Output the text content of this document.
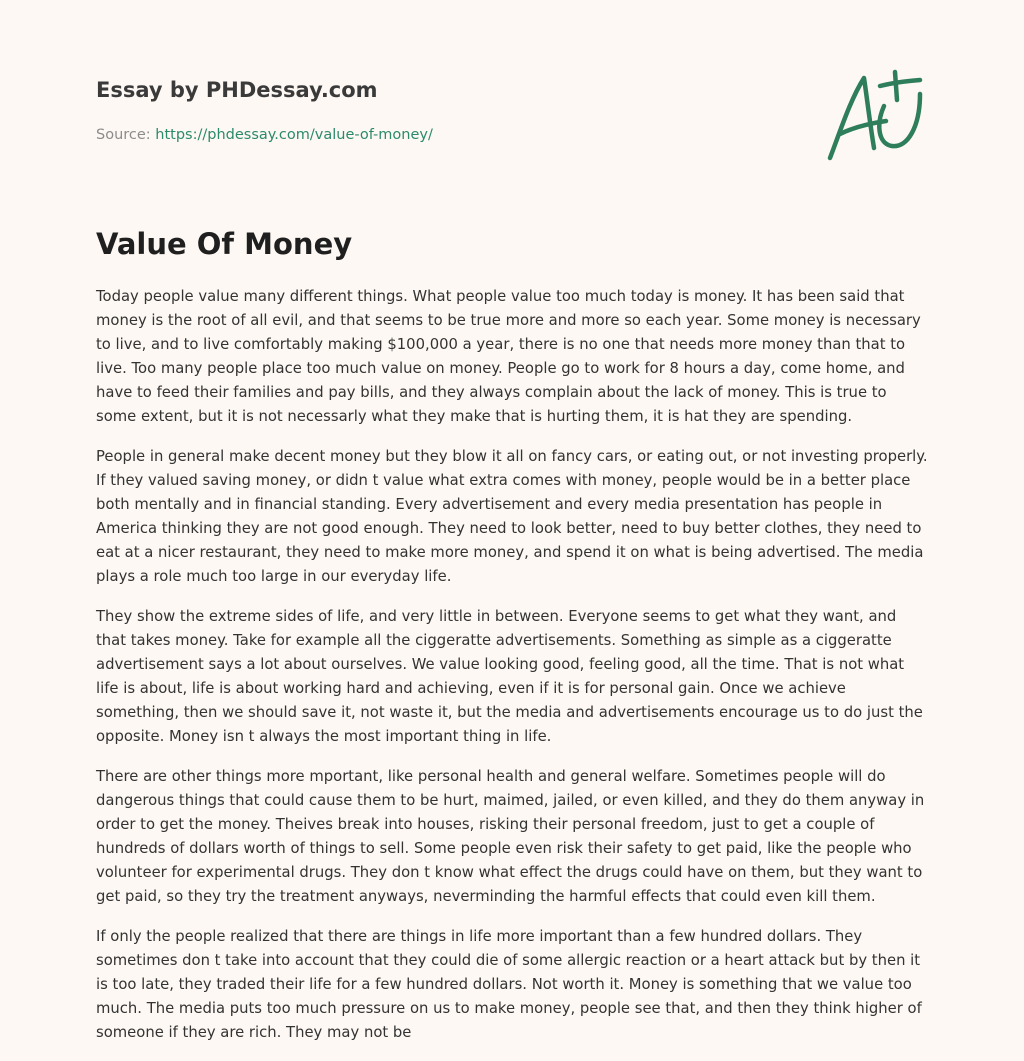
Essay by PHDessay.com
Source: https://phdessay.com/value-of-money/
Value Of Money

Today people value many different things. What people value too much today is money. It has been said that money is the root of all evil, and that seems to be true more and more so each year. Some money is necessary to live, and to live comfortably making $100,000 a year, there is no one that needs more money than that to live. Too many people place too much value on money. People go to work for 8 hours a day, come home, and have to feed their families and pay bills, and they always complain about the lack of money. This is true to some extent, but it is not necessarly what they make that is hurting them, it is hat they are spending.

People in general make decent money but they blow it all on fancy cars, or eating out, or not investing properly. If they valued saving money, or didn t value what extra comes with money, people would be in a better place both mentally and in financial standing. Every advertisement and every media presentation has people in America thinking they are not good enough. They need to look better, need to buy better clothes, they need to eat at a nicer restaurant, they need to make more money, and spend it on what is being advertised. The media plays a role much too large in our everyday life.

They show the extreme sides of life, and very little in between. Everyone seems to get what they want, and that takes money. Take for example all the ciggeratte advertisements. Something as simple as a ciggeratte advertisement says a lot about ourselves. We value looking good, feeling good, all the time. That is not what life is about, life is about working hard and achieving, even if it is for personal gain. Once we achieve something, then we should save it, not waste it, but the media and advertisements encourage us to do just the opposite. Money isn t always the most important thing in life.

There are other things more mportant, like personal health and general welfare. Sometimes people will do dangerous things that could cause them to be hurt, maimed, jailed, or even killed, and they do them anyway in order to get the money. Theives break into houses, risking their personal freedom, just to get a couple of hundreds of dollars worth of things to sell. Some people even risk their safety to get paid, like the people who volunteer for experimental drugs. They don t know what effect the drugs could have on them, but they want to get paid, so they try the treatment anyways, neverminding the harmful effects that could even kill them.

If only the people realized that there are things in life more important than a few hundred dollars. They sometimes don t take into account that they could die of some allergic reaction or a heart attack but by then it is too late, they traded their life for a few hundred dollars. Not worth it. Money is something that we value too much. The media puts too much pressure on us to make money, people see that, and then they think higher of someone if they are rich. They may not be
